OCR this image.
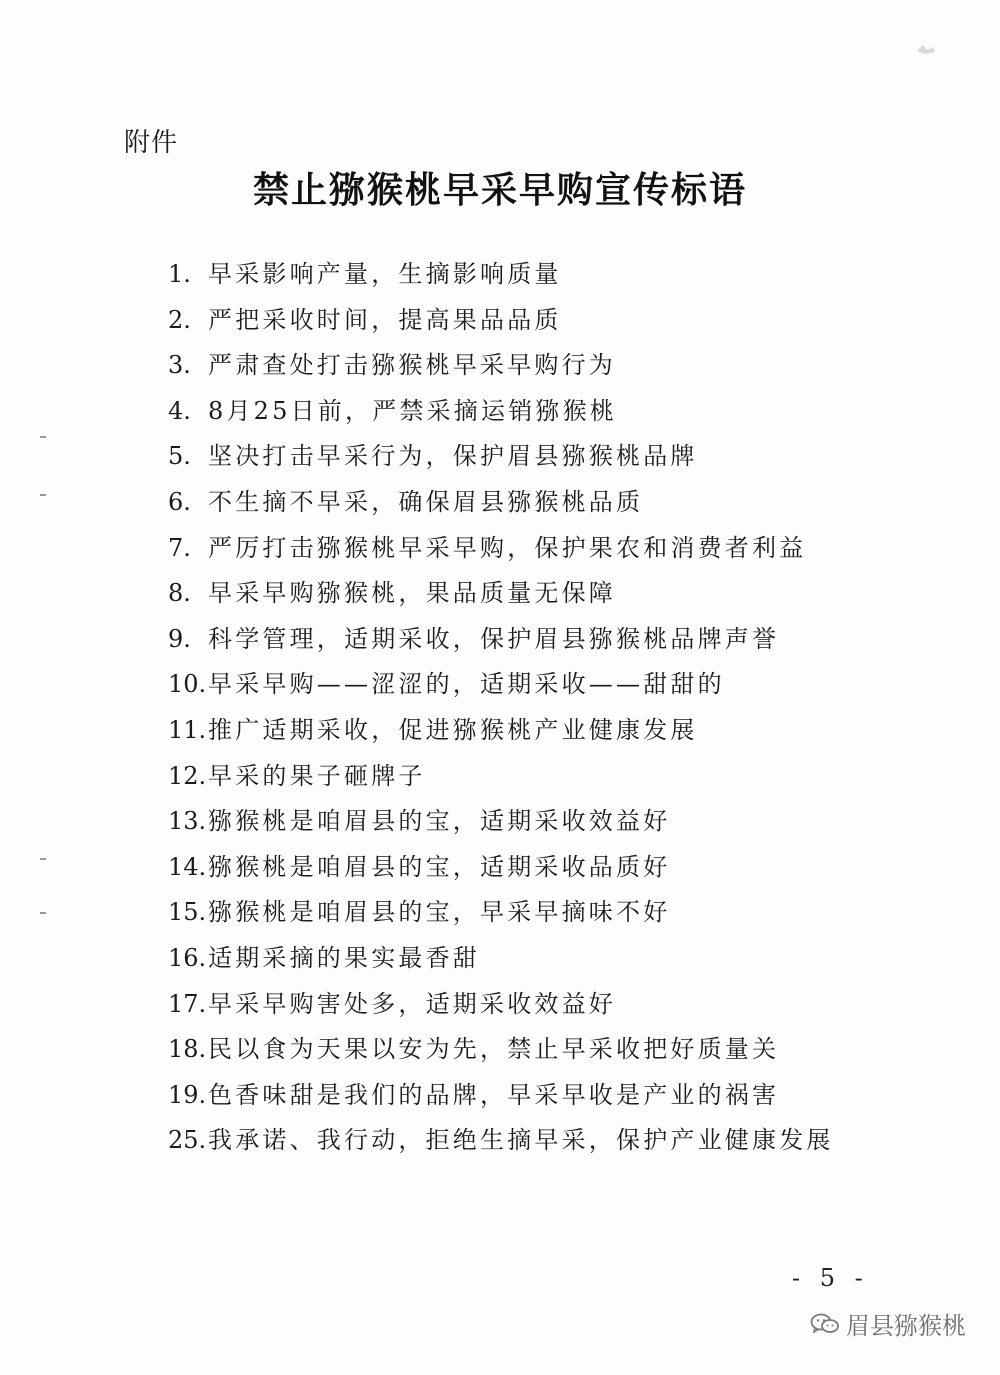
附件
禁止猕猴桃早采早购宣传标语
1. 早采影响产量，生摘影响质量
2. 严把采收时间，提高果品品质
3. 严肃查处打击猕猴桃早采早购行为
4. 8月25日前，严禁采摘运销猕猴桃
5. 坚决打击早采行为，保护眉县猕猴桃品牌
6. 不生摘不早采，确保眉县猕猴桃品质
7. 严厉打击猕猴桃早采早购，保护果农和消费者利益
8. 早采早购猕猴桃，果品质量无保障
9. 科学管理，适期采收，保护眉县猕猴桃品牌声誉
10.早采早购——涩涩的，适期采收——甜甜的
11.推广适期采收，促进猕猴桃产业健康发展
12.早采的果子砸牌子
13.猕猴桃是咱眉县的宝，适期采收效益好
14.猕猴桃是咱眉县的宝，适期采收品质好
15.猕猴桃是咱眉县的宝，早采早摘味不好
16.适期采摘的果实最香甜
17.早采早购害处多，适期采收效益好
18.民以食为天果以安为先，禁止早采收把好质量关
19.色香味甜是我们的品牌，早采早收是产业的祸害
25.我承诺、我行动，拒绝生摘早采，保护产业健康发展
- 5 -
眉县猕猴桃
